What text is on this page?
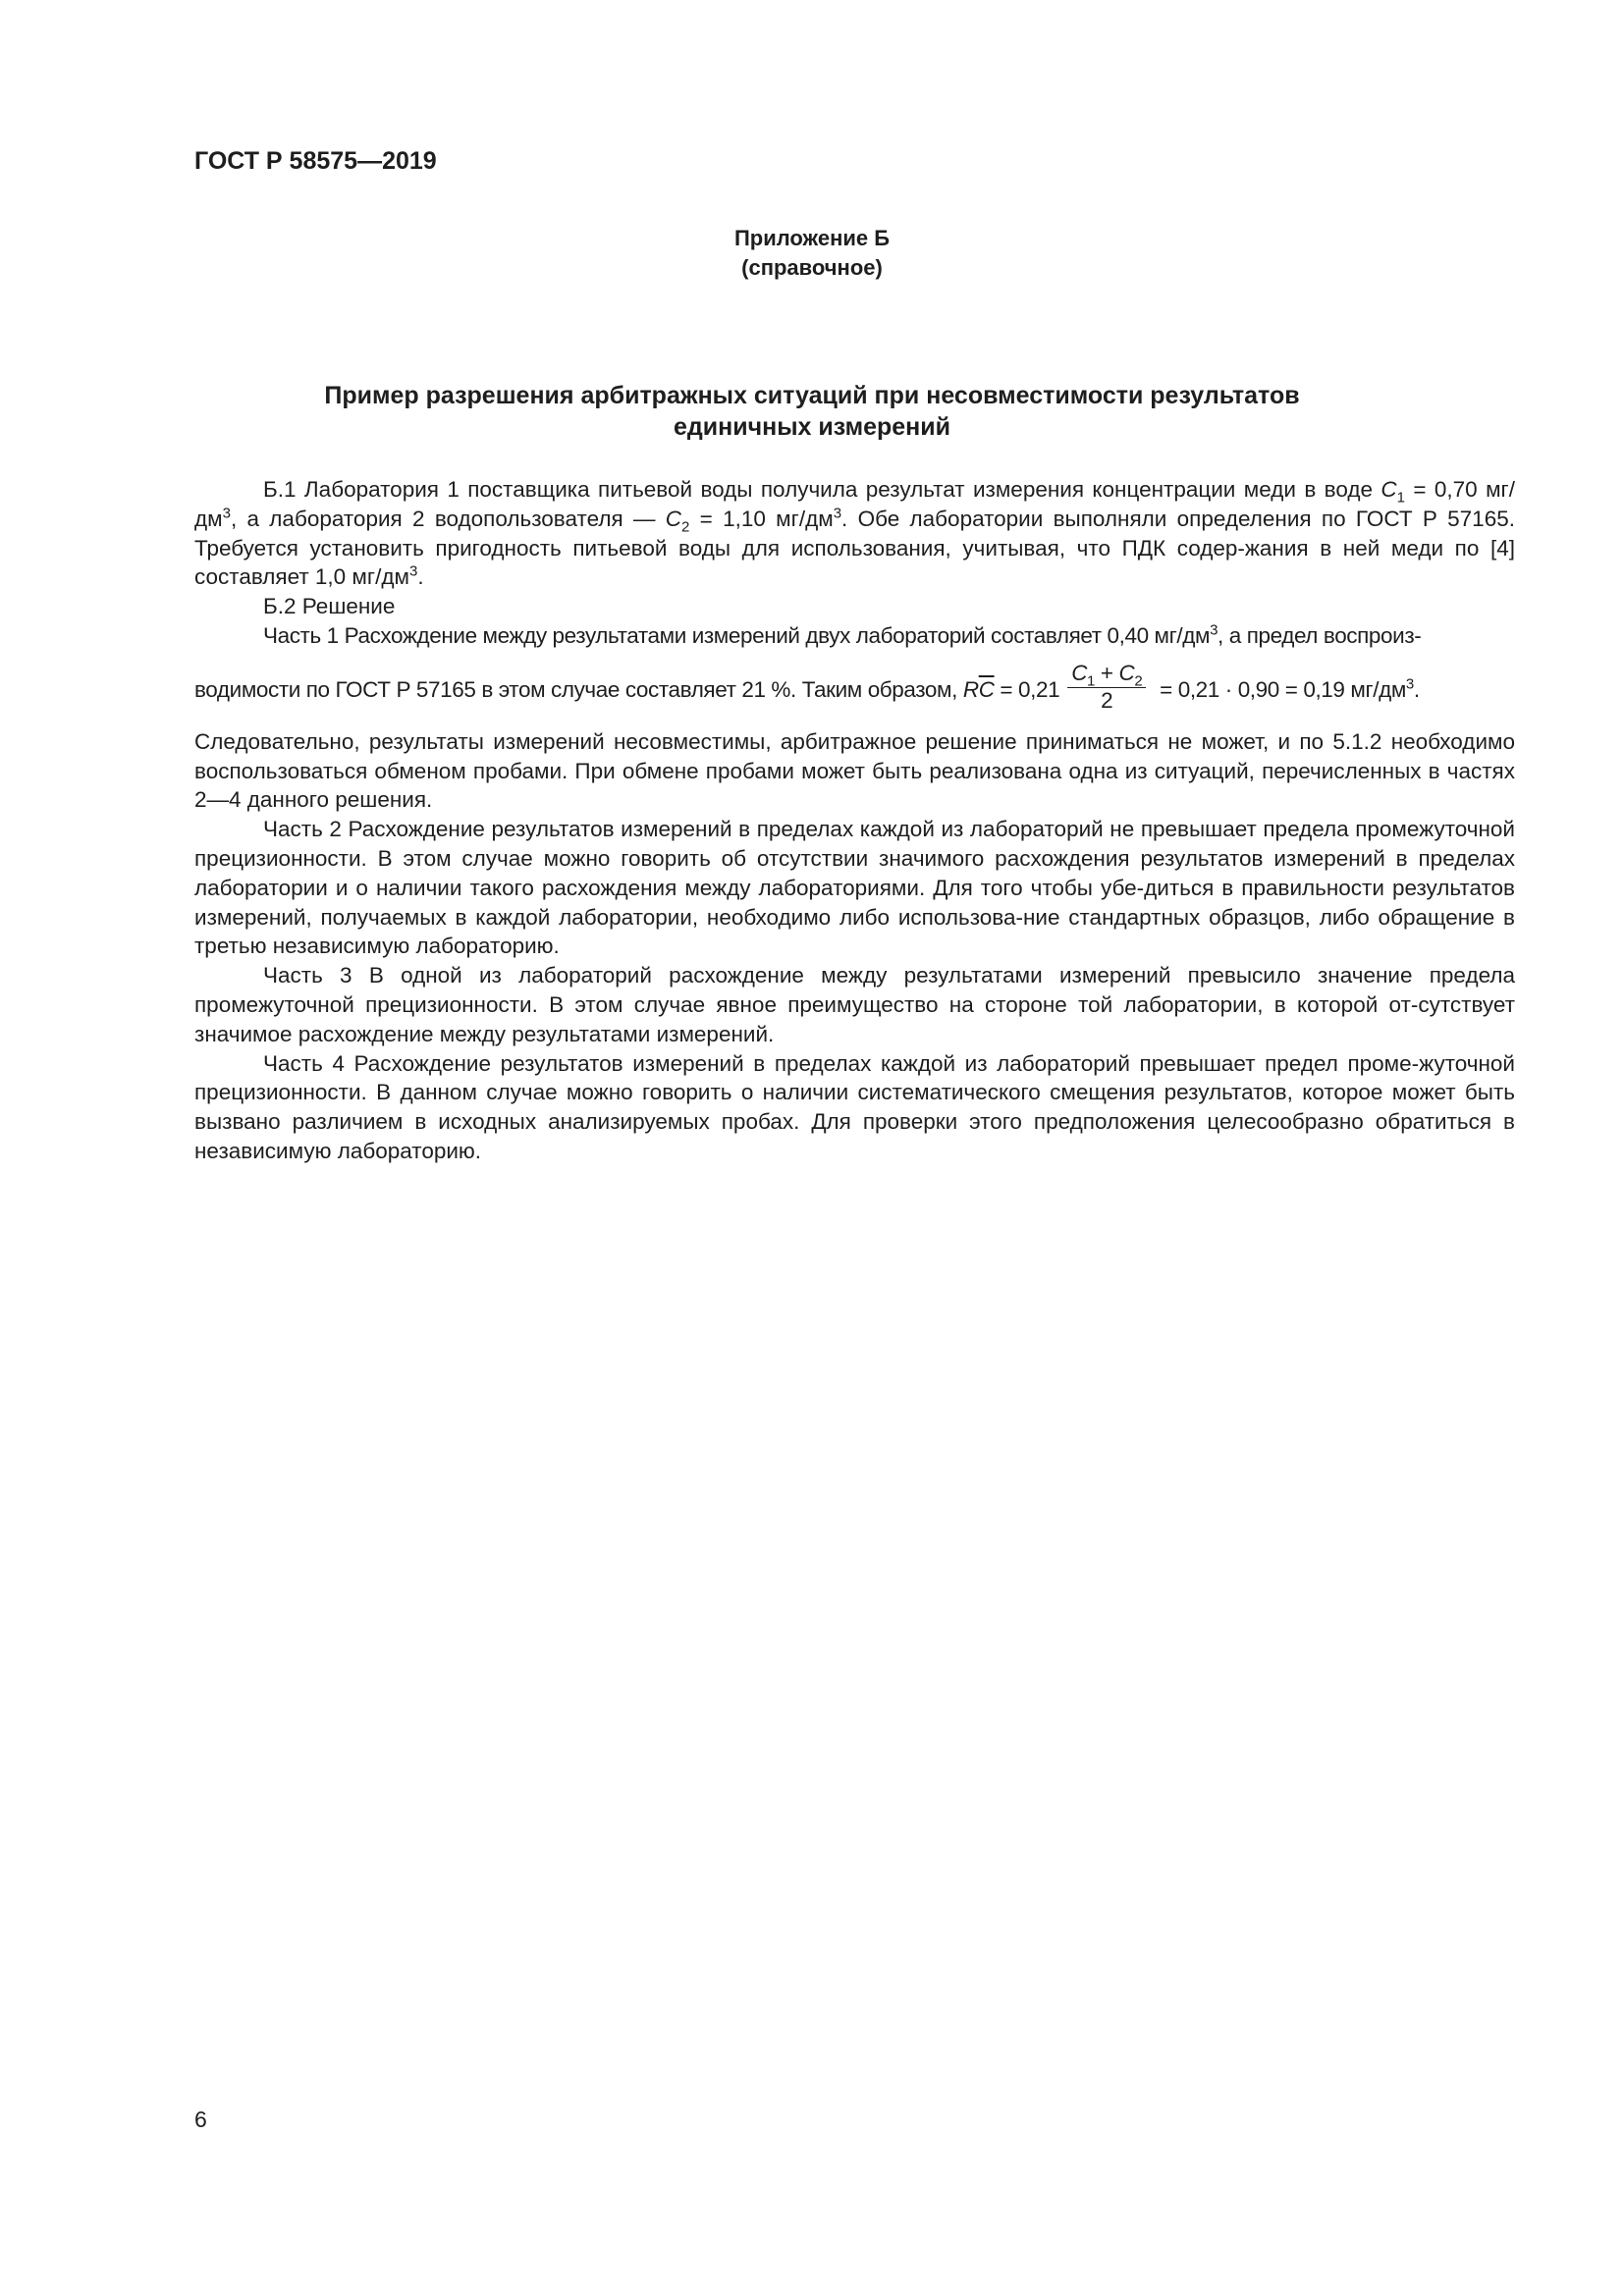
ГОСТ Р 58575—2019
Приложение Б
(справочное)
Пример разрешения арбитражных ситуаций при несовместимости результатов
единичных измерений

Б.1 Лаборатория 1 поставщика питьевой воды получила результат измерения концентрации меди в воде $C_1 = 0,70$ $мг/дм^3$, а лаборатория 2 водопользователя — $C_2 = 1,10$ $мг/дм^3$. Обе лаборатории выполняли определения по ГОСТ Р 57165. Требуется установить пригодность питьевой воды для использования, учитывая, что ПДК содер-жания в ней меди по [4] составляет 1,0 $мг/дм^3$.

Б.2 Решение

Часть 1 Расхождение между результатами измерений двух лабораторий составляет 0,40 $мг/дм^3$, а предел воспроиз-

водимости по ГОСТ Р 57165 в этом случае составляет 21 %. Таким образом, $R\overline{C} = 0,21 \frac{C_1 + C_2}{2} = 0,21 \cdot 0,90 = 0,19$ $мг/дм^3$.

Следовательно, результаты измерений несовместимы, арбитражное решение приниматься не может, и по 5.1.2 необходимо воспользоваться обменом пробами. При обмене пробами может быть реализована одна из ситуаций, перечисленных в частях 2—4 данного решения.

Часть 2 Расхождение результатов измерений в пределах каждой из лабораторий не превышает предела промежуточной прецизионности. В этом случае можно говорить об отсутствии значимого расхождения результатов измерений в пределах лаборатории и о наличии такого расхождения между лабораториями. Для того чтобы убе-диться в правильности результатов измерений, получаемых в каждой лаборатории, необходимо либо использова-ние стандартных образцов, либо обращение в третью независимую лабораторию.

Часть 3 В одной из лабораторий расхождение между результатами измерений превысило значение предела промежуточной прецизионности. В этом случае явное преимущество на стороне той лаборатории, в которой от-сутствует значимое расхождение между результатами измерений.

Часть 4 Расхождение результатов измерений в пределах каждой из лабораторий превышает предел проме-жуточной прецизионности. В данном случае можно говорить о наличии систематического смещения результатов, которое может быть вызвано различием в исходных анализируемых пробах. Для проверки этого предположения целесообразно обратиться в независимую лабораторию.

6
